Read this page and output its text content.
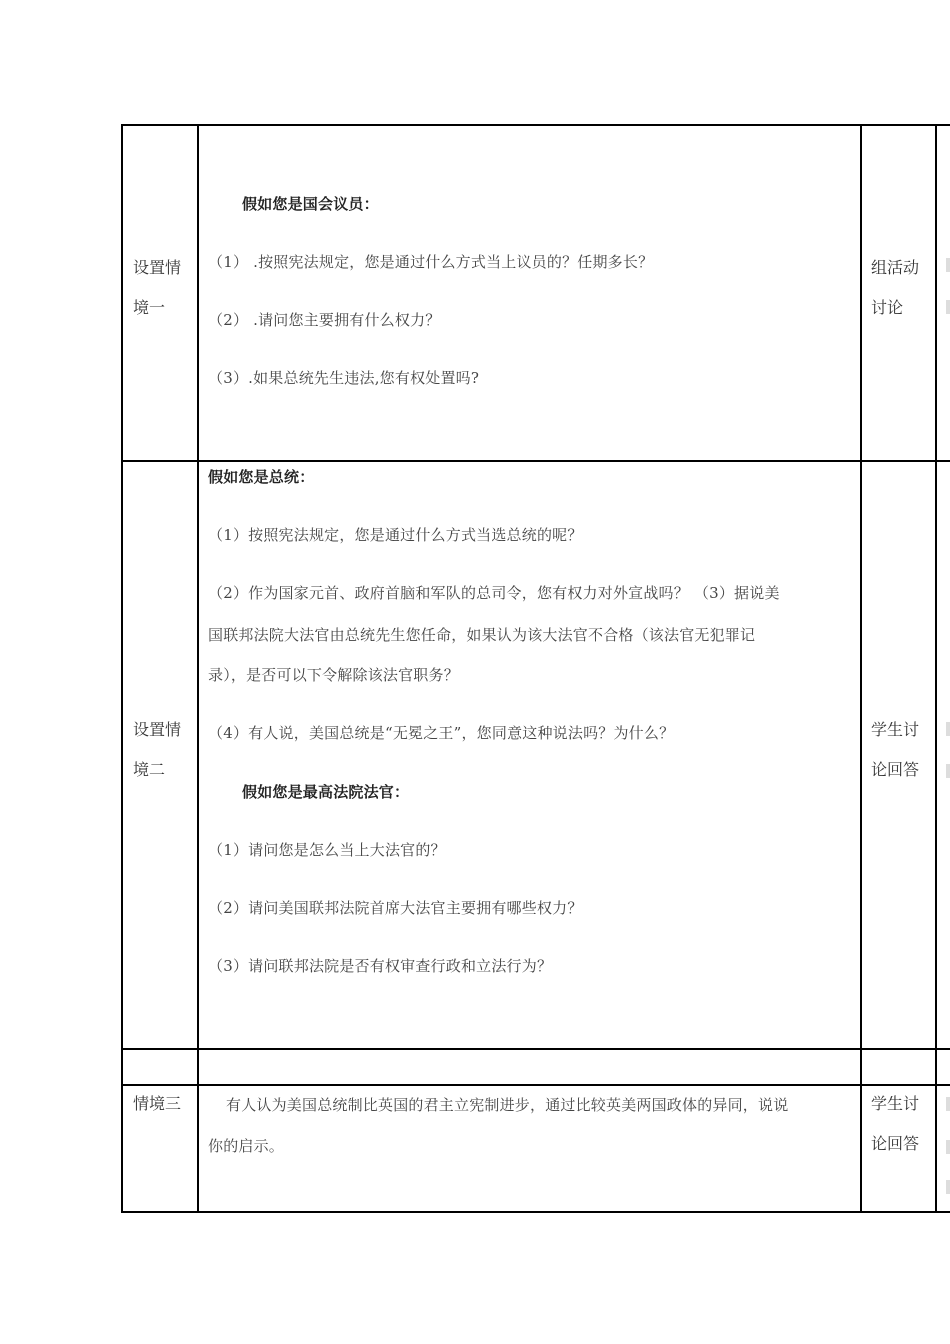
设置情
境一
假如您是国会议员：
（1） .按照宪法规定，您是通过什么方式当上议员的？任期多长？
（2） .请问您主要拥有什么权力？
（3）.如果总统先生违法,您有权处置吗?
组活动
讨论
设置情
境二
假如您是总统：
（1）按照宪法规定，您是通过什么方式当选总统的呢？
（2）作为国家元首、政府首脑和军队的总司令，您有权力对外宣战吗？ （3）据说美
国联邦法院大法官由总统先生您任命，如果认为该大法官不合格（该法官无犯罪记
录），是否可以下令解除该法官职务？
（4）有人说，美国总统是“无冕之王”，您同意这种说法吗？为什么？
假如您是最高法院法官：
（1）请问您是怎么当上大法官的？
（2）请问美国联邦法院首席大法官主要拥有哪些权力？
（3）请问联邦法院是否有权审查行政和立法行为？
学生讨
论回答
情境三	有人认为美国总统制比英国的君主立宪制进步，通过比较英美两国政体的异同，说说
你的启示。
学生讨
论回答
